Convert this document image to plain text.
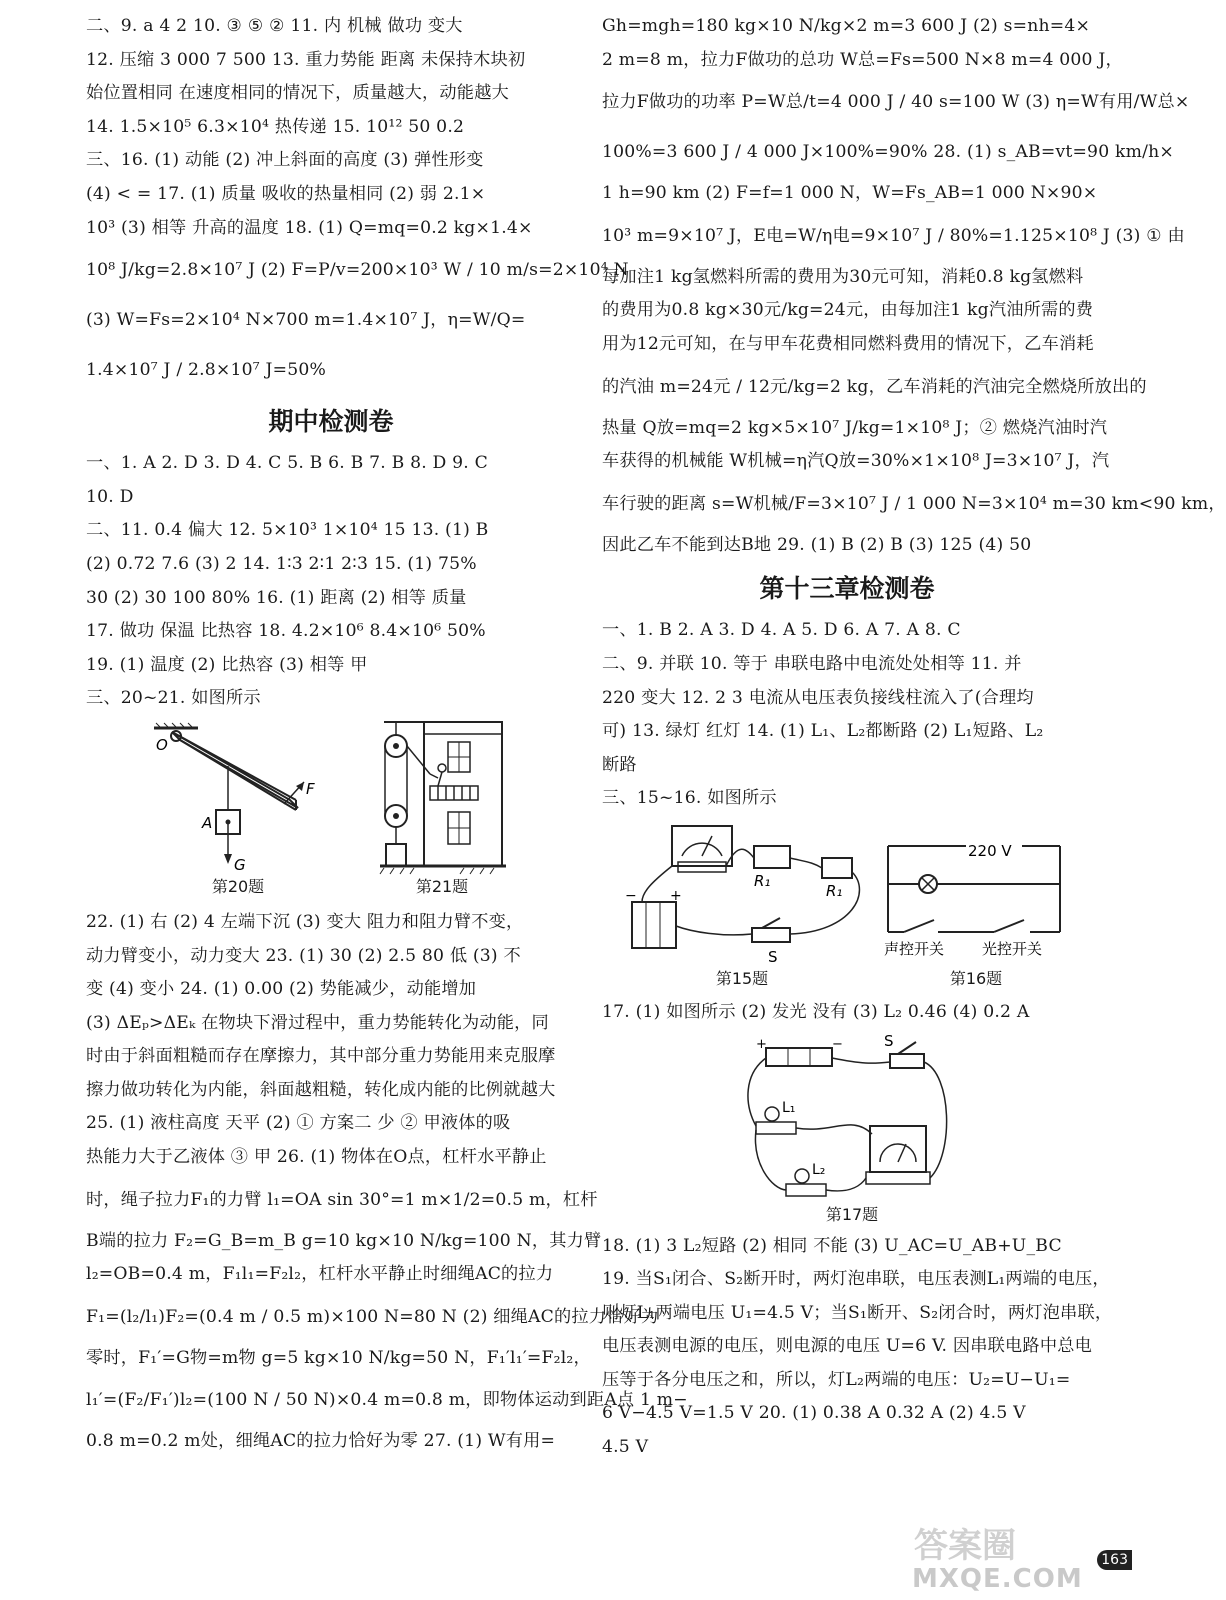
二、9. a 4 2 10. ③ ⑤ ② 11. 内 机械 做功 变大
12. 压缩 3 000 7 500 13. 重力势能 距离 未保持木块初
始位置相同 在速度相同的情况下，质量越大，动能越大
14. 1.5×10⁵ 6.3×10⁴ 热传递 15. 10¹² 50 0.2
三、16. (1) 动能 (2) 冲上斜面的高度 (3) 弹性形变
(4) < = 17. (1) 质量 吸收的热量相同 (2) 弱 2.1×
10³ (3) 相等 升高的温度 18. (1) Q=mq=0.2 kg×1.4×
10⁸ J/kg=2.8×10⁷ J (2) F=P/v=200×10³ W / 10 m/s=2×10⁴ N
(3) W=Fs=2×10⁴ N×700 m=1.4×10⁷ J，η=W/Q=
1.4×10⁷ J / 2.8×10⁷ J=50%
期中检测卷
一、1. A 2. D 3. D 4. C 5. B 6. B 7. B 8. D 9. C
10. D
二、11. 0.4 偏大 12. 5×10³ 1×10⁴ 15 13. (1) B
(2) 0.72 7.6 (3) 2 14. 1∶3 2∶1 2∶3 15. (1) 75%
30 (2) 30 100 80% 16. (1) 距离 (2) 相等 质量
17. 做功 保温 比热容 18. 4.2×10⁶ 8.4×10⁶ 50%
19. (1) 温度 (2) 比热容 (3) 相等 甲
三、20~21. 如图所示
O
F
A
G
第20题	第21题
22. (1) 右 (2) 4 左端下沉 (3) 变大 阻力和阻力臂不变，
动力臂变小，动力变大 23. (1) 30 (2) 2.5 80 低 (3) 不
变 (4) 变小 24. (1) 0.00 (2) 势能减少，动能增加
(3) ΔEₚ>ΔEₖ 在物块下滑过程中，重力势能转化为动能，同
时由于斜面粗糙而存在摩擦力，其中部分重力势能用来克服摩
擦力做功转化为内能，斜面越粗糙，转化成内能的比例就越大
25. (1) 液柱高度 天平 (2) ① 方案二 少 ② 甲液体的吸
热能力大于乙液体 ③ 甲 26. (1) 物体在O点，杠杆水平静止
时，绳子拉力F₁的力臂 l₁=OA sin 30°=1 m×1/2=0.5 m，杠杆
B端的拉力 F₂=G_B=m_B g=10 kg×10 N/kg=100 N，其力臂
l₂=OB=0.4 m，F₁l₁=F₂l₂，杠杆水平静止时细绳AC的拉力
F₁=(l₂/l₁)F₂=(0.4 m / 0.5 m)×100 N=80 N (2) 细绳AC的拉力恰好为
零时，F₁′=G物=m物 g=5 kg×10 N/kg=50 N，F₁′l₁′=F₂l₂，
l₁′=(F₂/F₁′)l₂=(100 N / 50 N)×0.4 m=0.8 m，即物体运动到距A点 1 m−
0.8 m=0.2 m处，细绳AC的拉力恰好为零 27. (1) W有用=
Gh=mgh=180 kg×10 N/kg×2 m=3 600 J (2) s=nh=4×
2 m=8 m，拉力F做功的总功 W总=Fs=500 N×8 m=4 000 J，
拉力F做功的功率 P=W总/t=4 000 J / 40 s=100 W (3) η=W有用/W总×
100%=3 600 J / 4 000 J×100%=90% 28. (1) s_AB=vt=90 km/h×
1 h=90 km (2) F=f=1 000 N，W=Fs_AB=1 000 N×90×
10³ m=9×10⁷ J，E电=W/η电=9×10⁷ J / 80%=1.125×10⁸ J (3) ① 由
每加注1 kg氢燃料所需的费用为30元可知，消耗0.8 kg氢燃料
的费用为0.8 kg×30元/kg=24元，由每加注1 kg汽油所需的费
用为12元可知，在与甲车花费相同燃料费用的情况下，乙车消耗
的汽油 m=24元 / 12元/kg=2 kg，乙车消耗的汽油完全燃烧所放出的
热量 Q放=mq=2 kg×5×10⁷ J/kg=1×10⁸ J；② 燃烧汽油时汽
车获得的机械能 W机械=η汽Q放=30%×1×10⁸ J=3×10⁷ J，汽
车行驶的距离 s=W机械/F=3×10⁷ J / 1 000 N=3×10⁴ m=30 km<90 km，
因此乙车不能到达B地 29. (1) B (2) B (3) 125 (4) 50
第十三章检测卷
一、1. B 2. A 3. D 4. A 5. D 6. A 7. A 8. C
二、9. 并联 10. 等于 串联电路中电流处处相等 11. 并
220 变大 12. 2 3 电流从电压表负接线柱流入了(合理均
可) 13. 绿灯 红灯 14. (1) L₁、L₂都断路 (2) L₁短路、L₂
断路
三、15~16. 如图所示
− +
R₁
R₁
S
第15题
220 V
声控开关	光控开关
第16题
17. (1) 如图所示 (2) 发光 没有 (3) L₂ 0.46 (4) 0.2 A
+	−	S
L₁
L₂
第17题
18. (1) 3 L₂短路 (2) 相同 不能 (3) U_AC=U_AB+U_BC
19. 当S₁闭合、S₂断开时，两灯泡串联，电压表测L₁两端的电压，
则灯L₁两端电压 U₁=4.5 V；当S₁断开、S₂闭合时，两灯泡串联，
电压表测电源的电压，则电源的电压 U=6 V. 因串联电路中总电
压等于各分电压之和，所以，灯L₂两端的电压：U₂=U−U₁=
6 V−4.5 V=1.5 V 20. (1) 0.38 A 0.32 A (2) 4.5 V
4.5 V
答案圈
MXQE.COM
163
